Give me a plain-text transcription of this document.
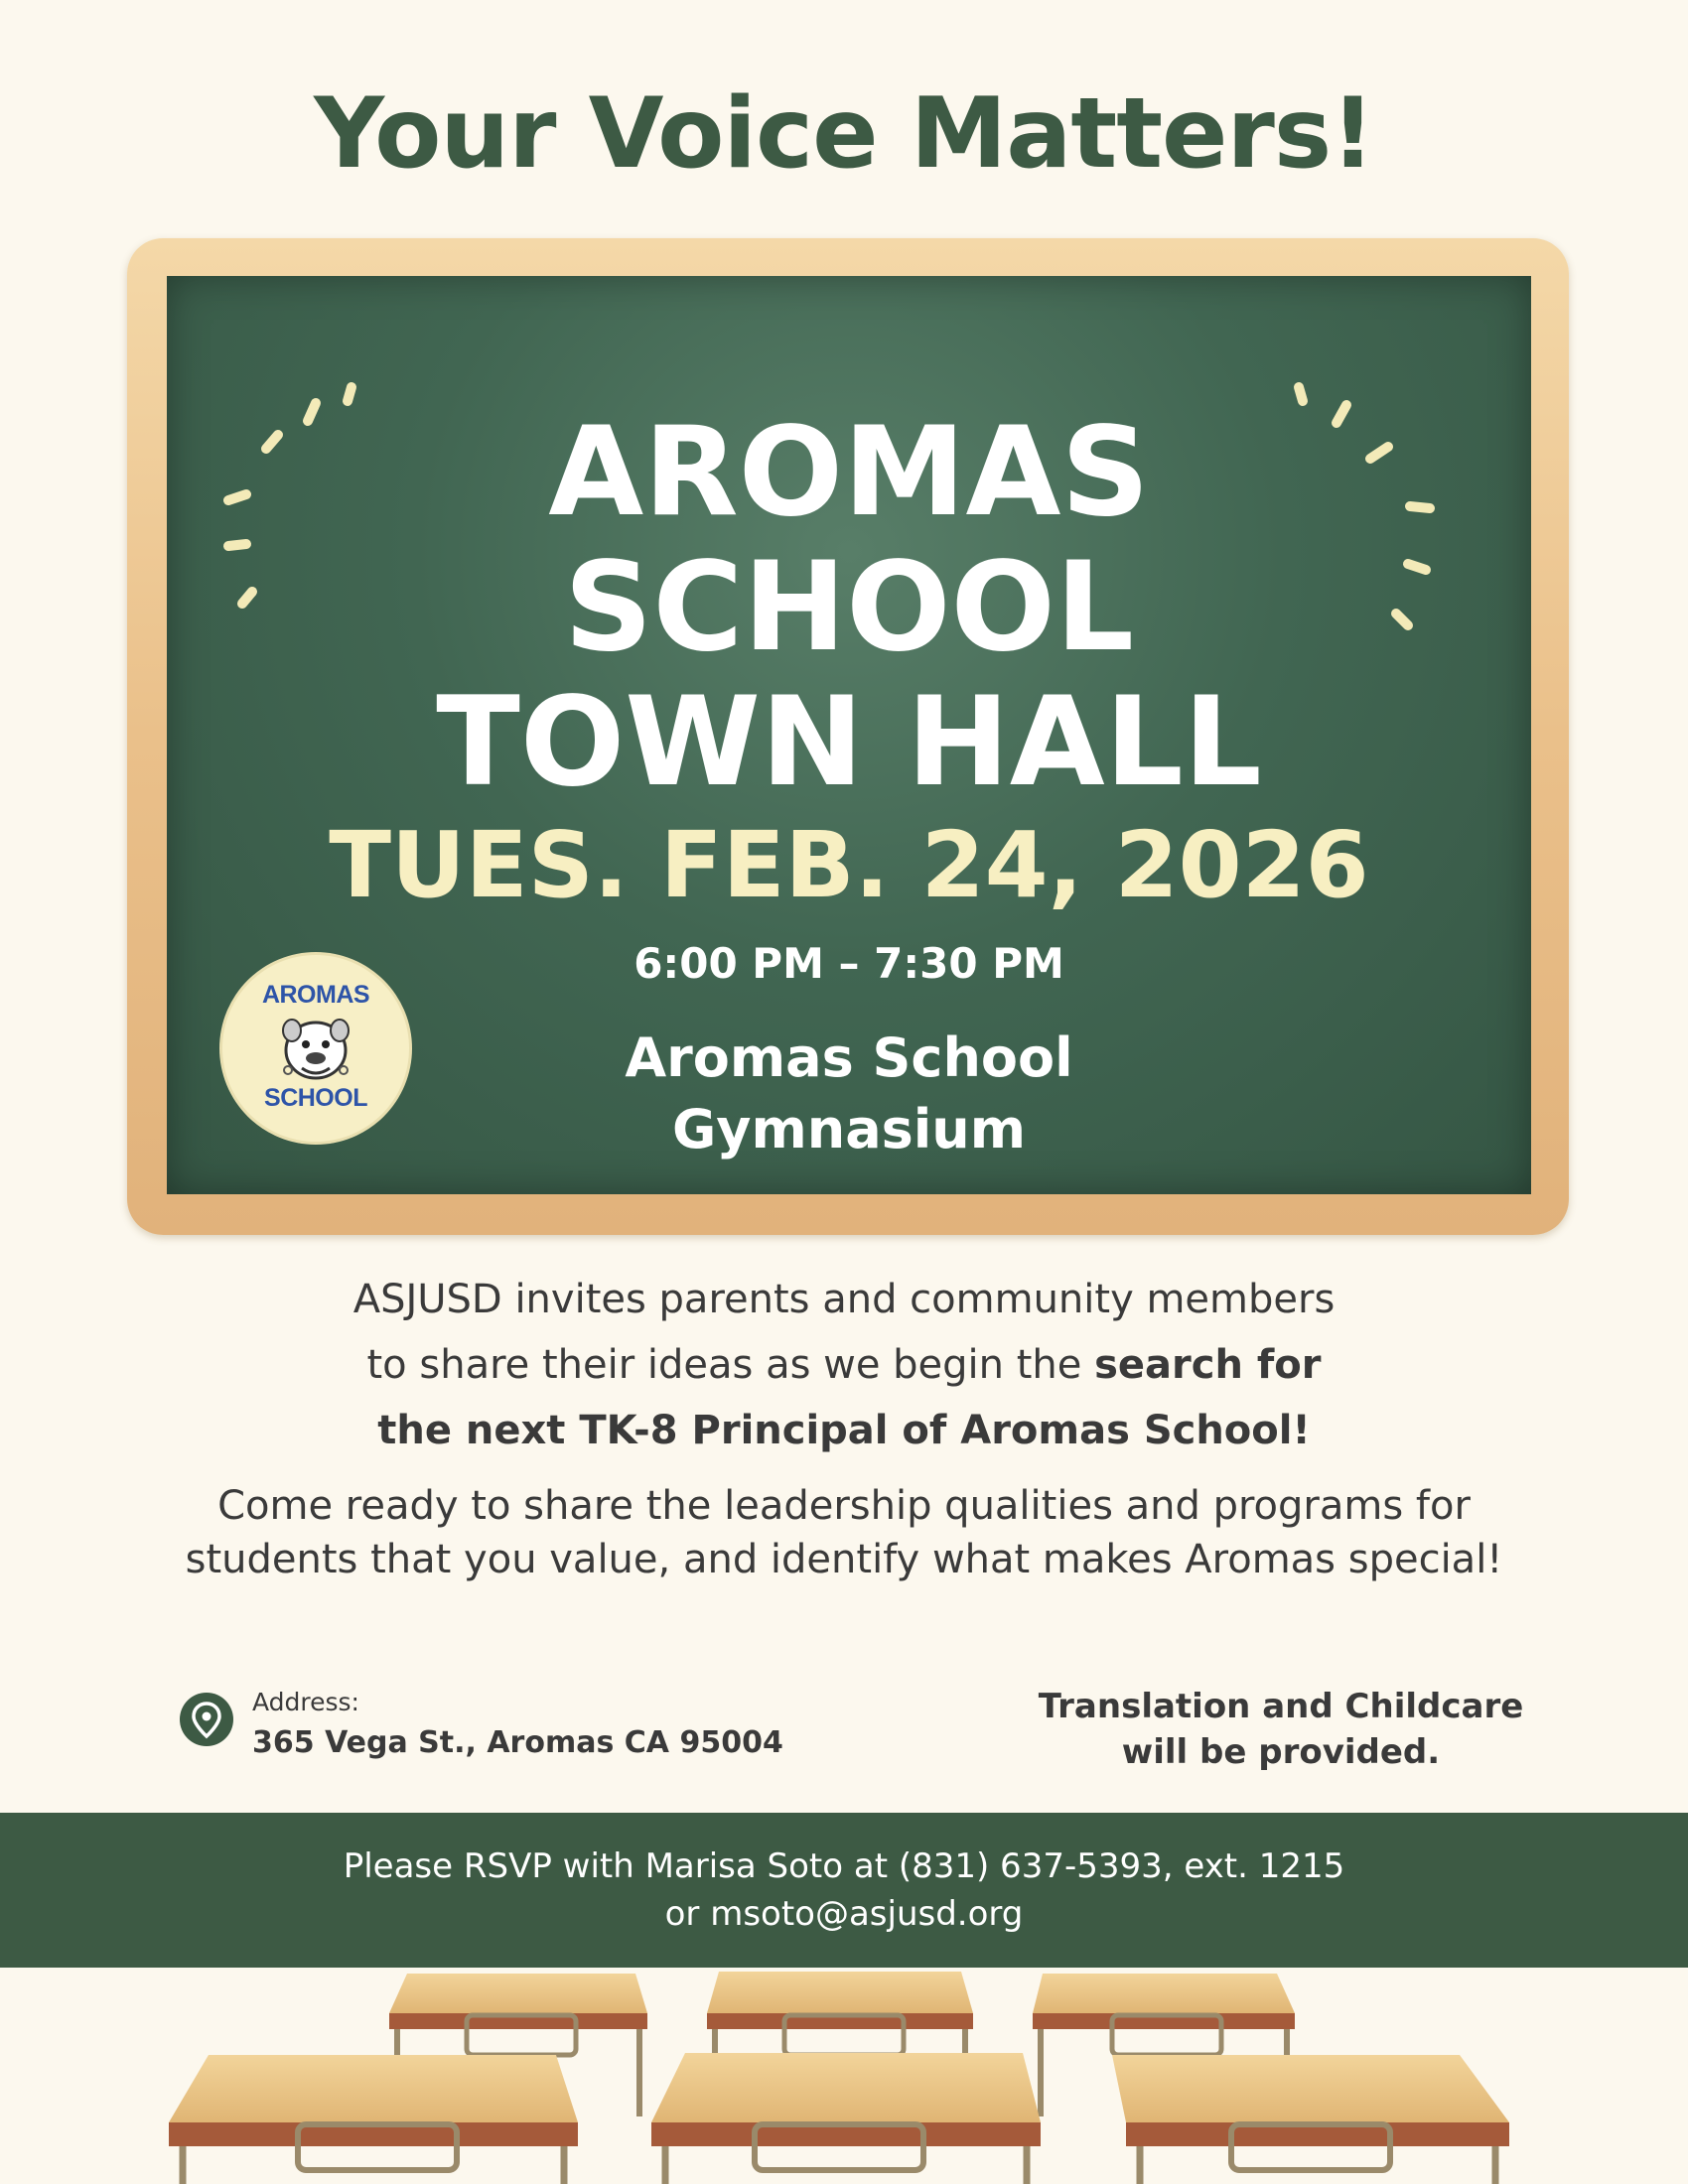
Your Voice Matters!
AROMAS
SCHOOL
TOWN HALL
TUES. FEB. 24, 2026
6:00 PM – 7:30 PM
Aromas School
Gymnasium
AROMAS
SCHOOL
ASJUSD invites parents and community members
to share their ideas as we begin the search for
the next TK-8 Principal of Aromas School!
Come ready to share the leadership qualities and programs for students that you value, and identify what makes Aromas special!
Address:
365 Vega St., Aromas CA 95004
Translation and Childcare
will be provided.
Please RSVP with Marisa Soto at (831) 637-5393, ext. 1215
or msoto@asjusd.org
